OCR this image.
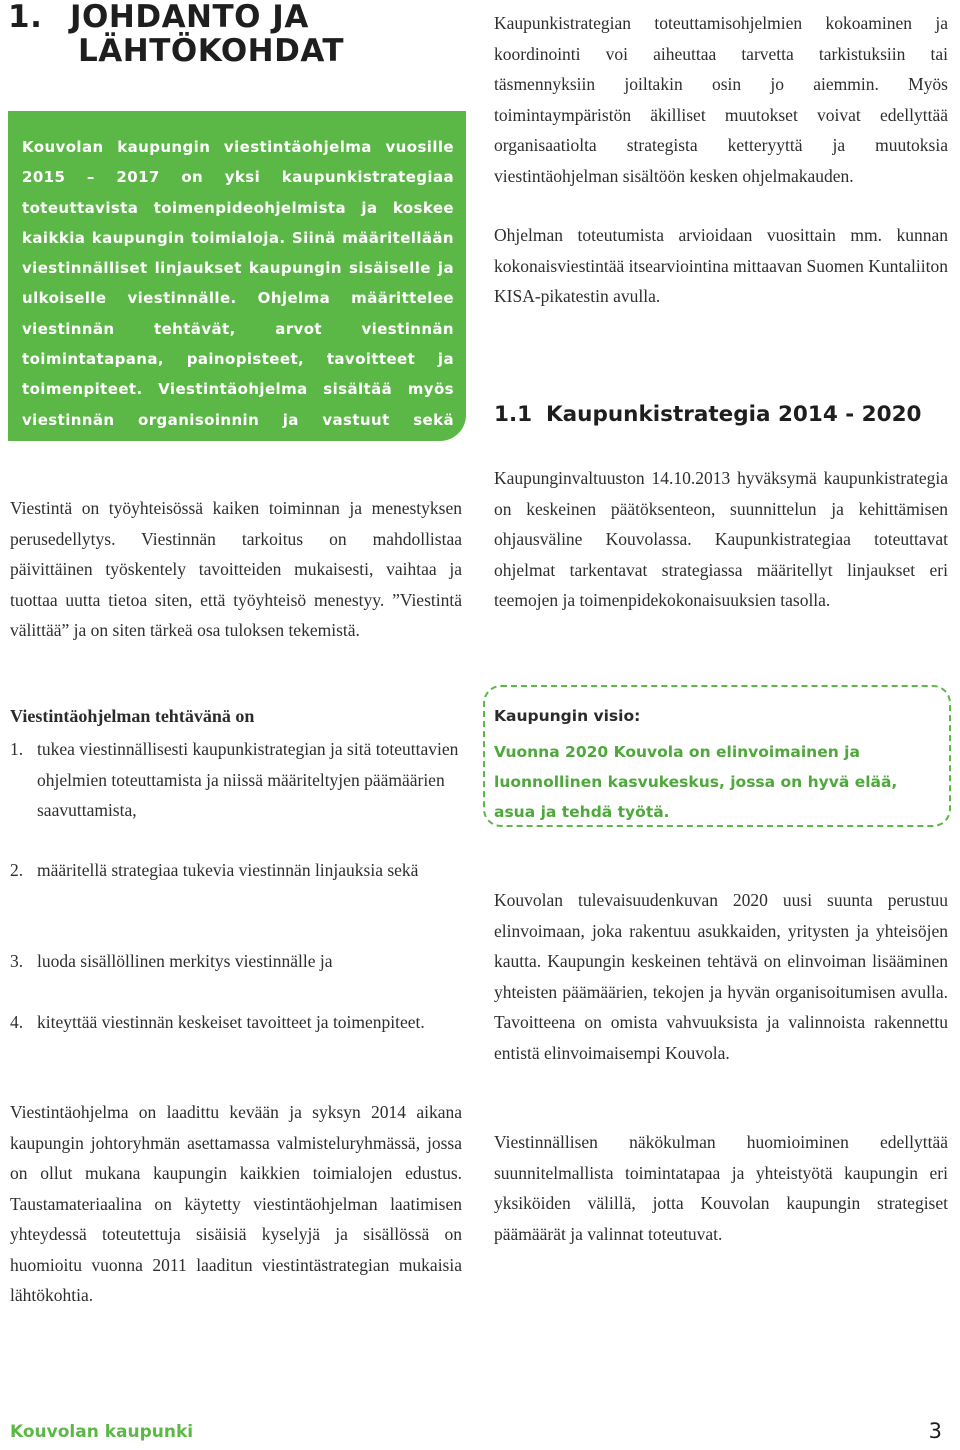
1. JOHDANTO JA
LÄHTÖKOHDAT

Kouvolan kaupungin viestintäohjelma vuosille 2015 – 2017 on yksi kaupunkistrategiaa toteuttavista toimenpideohjelmista ja koskee kaikkia kaupungin toimialoja. Siinä määritellään viestinnälliset linjaukset kaupungin sisäiselle ja ulkoiselle viestinnälle. Ohjelma määrittelee viestinnän tehtävät, arvot viestinnän toimintatapana, painopisteet, tavoitteet ja toimenpiteet. Viestintäohjelma sisältää myös viestinnän organisoinnin ja vastuut sekä seurannan pääperiaatteet.

Viestintä on työyhteisössä kaiken toiminnan ja menestyksen perusedellytys. Viestinnän tarkoitus on mahdollistaa päivittäinen työskentely tavoitteiden mukaisesti, vaihtaa ja tuottaa uutta tietoa siten, että työyhteisö menestyy. ”Viestintä välittää” ja on siten tärkeä osa tuloksen tekemistä.
Viestintäohjelman tehtävänä on
1. tukea viestinnällisesti kaupunkistrategian ja sitä toteuttavien ohjelmien toteuttamista ja niissä määriteltyjen päämäärien saavuttamista,
2. määritellä strategiaa tukevia viestinnän linjauksia sekä
3. luoda sisällöllinen merkitys viestinnälle ja
4. kiteyttää viestinnän keskeiset tavoitteet ja toimenpiteet.
Viestintäohjelma on laadittu kevään ja syksyn 2014 aikana kaupungin johtoryhmän asettamassa valmisteluryhmässä, jossa on ollut mukana kaupungin kaikkien toimialojen edustus. Taustamateriaalina on käytetty viestintäohjelman laatimisen yhteydessä toteutettuja sisäisiä kyselyjä ja sisällössä on huomioitu vuonna 2011 laaditun viestintästrategian mukaisia lähtökohtia.
Kaupunkistrategian toteuttamisohjelmien kokoaminen ja koordinointi voi aiheuttaa tarvetta tarkistuksiin tai täsmennyksiin joiltakin osin jo aiemmin. Myös toimintaympäristön äkilliset muutokset voivat edellyttää organisaatiolta strategista ketteryyttä ja muutoksia viestintäohjelman sisältöön kesken ohjelmakauden.
Ohjelman toteutumista arvioidaan vuosittain mm. kunnan kokonaisviestintää itsearviointina mittaavan Suomen Kuntaliiton KISA-pikatestin avulla.
1.1 Kaupunkistrategia 2014 - 2020
Kaupunginvaltuuston 14.10.2013 hyväksymä kaupunkistrategia on keskeinen päätöksenteon, suunnittelun ja kehittämisen ohjausväline Kouvolassa. Kaupunkistrategiaa toteuttavat ohjelmat tarkentavat strategiassa määritellyt linjaukset eri teemojen ja toimenpidekokonaisuuksien tasolla.
Kaupungin visio:
Vuonna 2020 Kouvola on elinvoimainen ja luonnollinen kasvukeskus, jossa on hyvä elää, asua ja tehdä työtä.
Kouvolan tulevaisuudenkuvan 2020 uusi suunta perustuu elinvoimaan, joka rakentuu asukkaiden, yritysten ja yhteisöjen kautta. Kaupungin keskeinen tehtävä on elinvoiman lisääminen yhteisten päämäärien, tekojen ja hyvän organisoitumisen avulla. Tavoitteena on omista vahvuuksista ja valinnoista rakennettu entistä elinvoimaisempi Kouvola.
Viestinnällisen näkökulman huomioiminen edellyttää suunnitelmallista toimintatapaa ja yhteistyötä kaupungin eri yksiköiden välillä, jotta Kouvolan kaupungin strategiset päämäärät ja valinnat toteutuvat.
Kouvolan kaupunki	3
